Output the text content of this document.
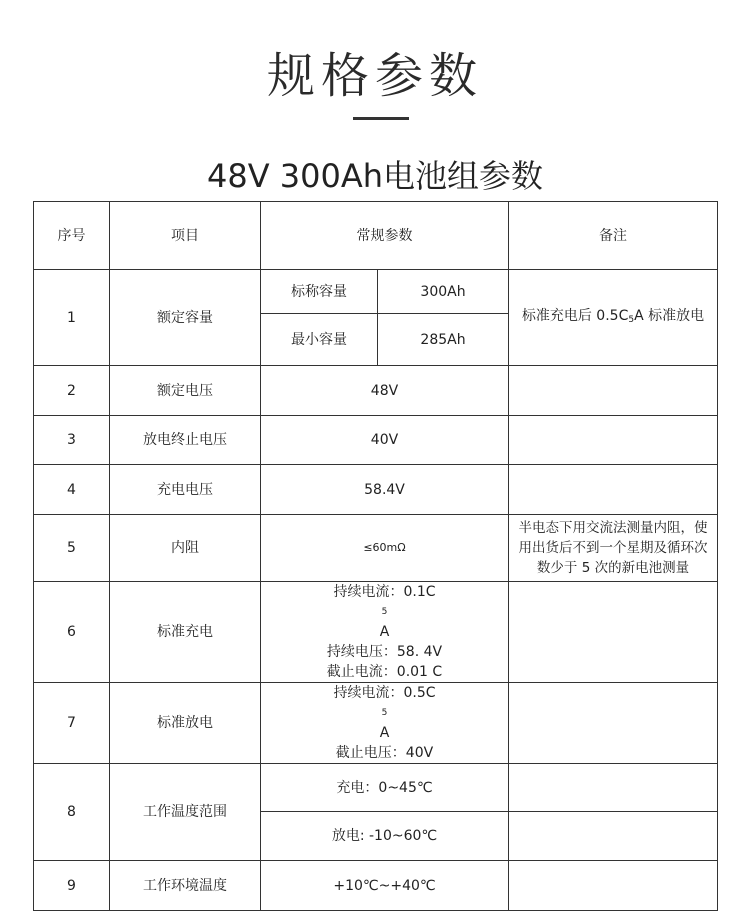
规格参数
48V 300Ah电池组参数
序号	项目	常规参数		备注
1	额定容量	标称容量	300Ah	标准充电后 $0.5C_5A$ 标准放电
		最小容量	285Ah	
2	额定电压	48V		
3	放电终止电压	40V		
4	充电电压	58.4V		
5	内阻	≤60mΩ		半电态下用交流法测量内阻，使
用出货后不到一个星期及循环次
数少于 5 次的新电池测量

6	标准充电	持续电流：0.1C
5
A
持续电压：58. 4V
截止电流：0.01 C		

7	标准放电	持续电流：0.5C
5
A
截止电压：40V		

8	工作温度范围	充电：0~45℃		
		放电: -10~60℃		
9	工作环境温度	+10℃~+40℃		
